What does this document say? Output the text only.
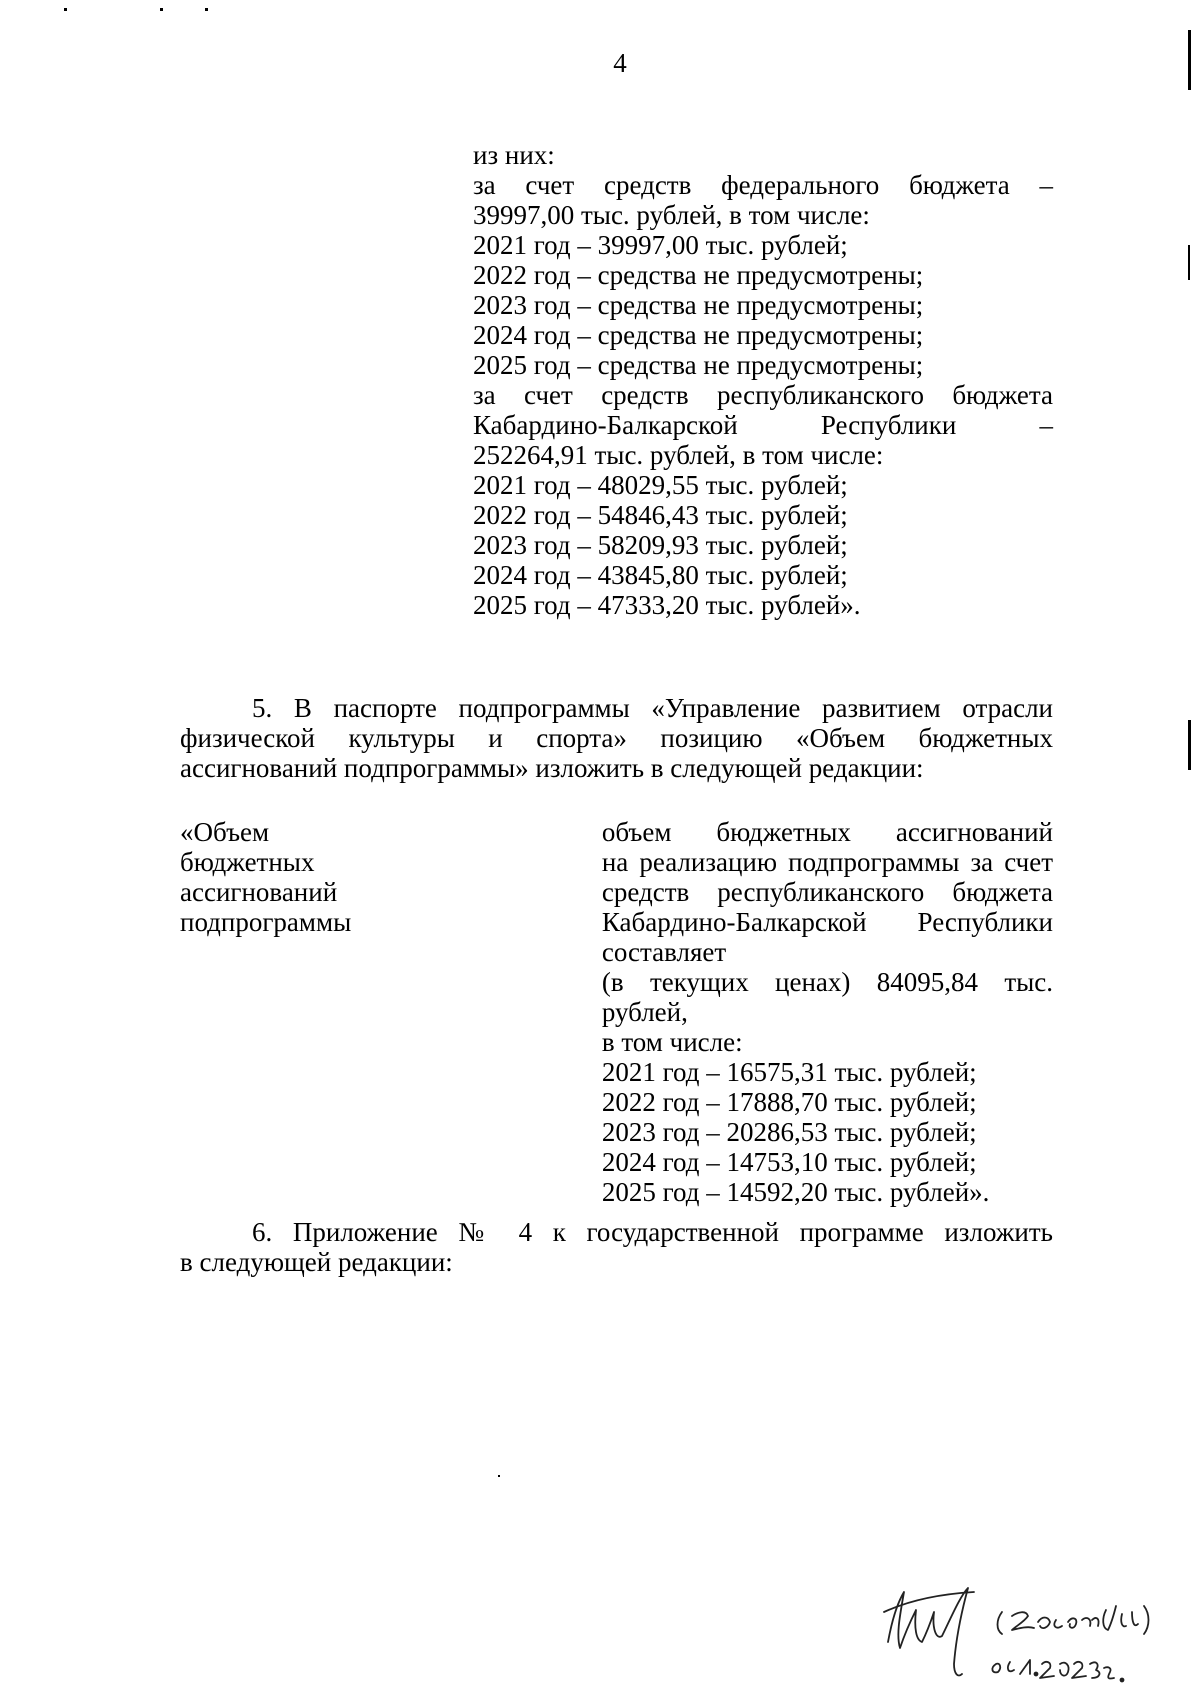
4
из них:
за счет средств федерального бюджета –
39997,00 тыс. рублей, в том числе:
2021 год – 39997,00 тыс. рублей;
2022 год – средства не предусмотрены;
2023 год – средства не предусмотрены;
2024 год – средства не предусмотрены;
2025 год – средства не предусмотрены;
за счет средств республиканского бюджета
Кабардино-Балкарской Республики –
252264,91 тыс. рублей, в том числе:
2021 год – 48029,55 тыс. рублей;
2022 год – 54846,43 тыс. рублей;
2023 год – 58209,93 тыс. рублей;
2024 год – 43845,80 тыс. рублей;
2025 год – 47333,20 тыс. рублей».
5. В паспорте подпрограммы «Управление развитием отрасли
физической культуры и спорта» позицию «Объем бюджетных
ассигнований подпрограммы» изложить в следующей редакции:
«Объем
бюджетных
ассигнований
подпрограммы
объем бюджетных ассигнований
на реализацию подпрограммы за счет
средств республиканского бюджета
Кабардино-Балкарской Республики составляет
(в текущих ценах) 84095,84 тыс. рублей,
в том числе:
2021 год – 16575,31 тыс. рублей;
2022 год – 17888,70 тыс. рублей;
2023 год – 20286,53 тыс. рублей;
2024 год – 14753,10 тыс. рублей;
2025 год – 14592,20 тыс. рублей».
6. Приложение № 4 к государственной программе изложить
в следующей редакции:
